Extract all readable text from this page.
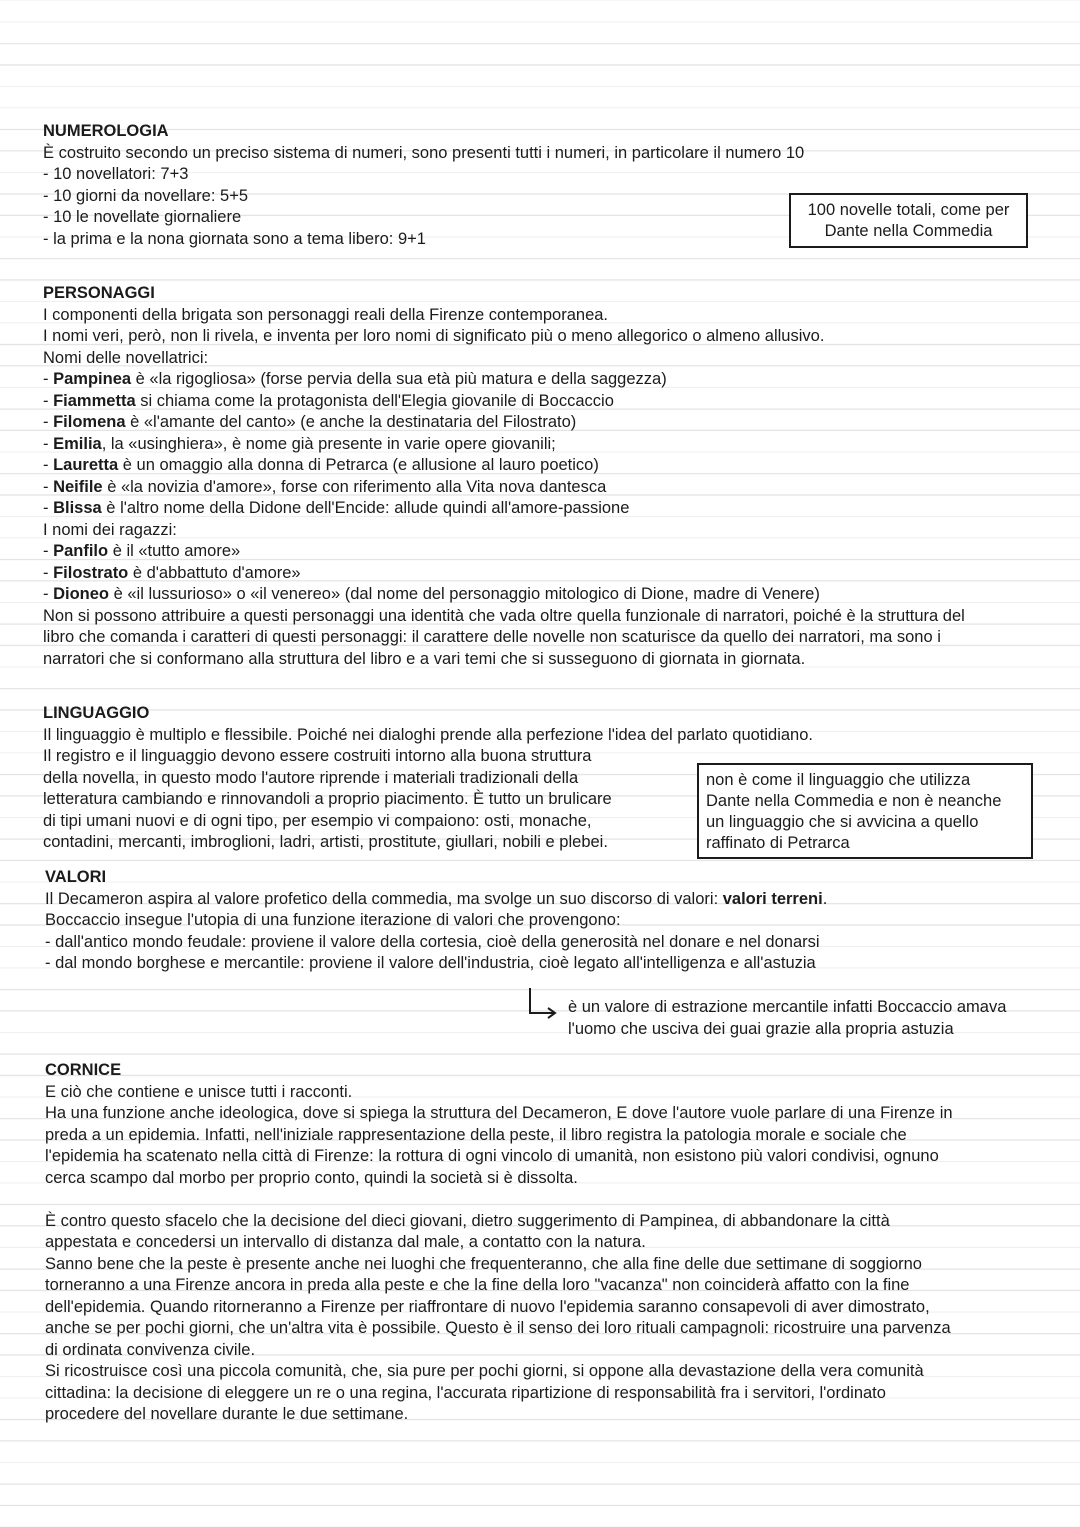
NUMEROLOGIA
È costruito secondo un preciso sistema di numeri, sono presenti tutti i numeri, in particolare il numero 10
- 10 novellatori: 7+3
- 10 giorni da novellare: 5+5
- 10 le novellate giornaliere
- la prima e la nona giornata sono a tema libero: 9+1
100 novelle totali, come per
Dante nella Commedia
PERSONAGGI
I componenti della brigata son personaggi reali della Firenze contemporanea.
I nomi veri, però, non li rivela, e inventa per loro nomi di significato più o meno allegorico o almeno allusivo.
Nomi delle novellatrici:
- Pampinea è «la rigogliosa» (forse pervia della sua età più matura e della saggezza)
- Fiammetta si chiama come la protagonista dell'Elegia giovanile di Boccaccio
- Filomena è «l'amante del canto» (e anche la destinataria del Filostrato)
- Emilia, la «usinghiera», è nome già presente in varie opere giovanili;
- Lauretta è un omaggio alla donna di Petrarca (e allusione al lauro poetico)
- Neifile è «la novizia d'amore», forse con riferimento alla Vita nova dantesca
- Blissa è l'altro nome della Didone dell'Encide: allude quindi all'amore-passione
I nomi dei ragazzi:
- Panfilo è il «tutto amore»
- Filostrato è d'abbattuto d'amore»
- Dioneo è «il lussurioso» o «il venereo» (dal nome del personaggio mitologico di Dione, madre di Venere)
Non si possono attribuire a questi personaggi una identità che vada oltre quella funzionale di narratori, poiché è la struttura del
libro che comanda i caratteri di questi personaggi: il carattere delle novelle non scaturisce da quello dei narratori, ma sono i
narratori che si conformano alla struttura del libro e a vari temi che si susseguono di giornata in giornata.
LINGUAGGIO
Il linguaggio è multiplo e flessibile. Poiché nei dialoghi prende alla perfezione l'idea del parlato quotidiano.
Il registro e il linguaggio devono essere costruiti intorno alla buona struttura
della novella, in questo modo l'autore riprende i materiali tradizionali della
letteratura cambiando e rinnovandoli a proprio piacimento. È tutto un brulicare
di tipi umani nuovi e di ogni tipo, per esempio vi compaiono: osti, monache,
contadini, mercanti, imbroglioni, ladri, artisti, prostitute, giullari, nobili e plebei.
non è come il linguaggio che utilizza
Dante nella Commedia e non è neanche
un linguaggio che si avvicina a quello
raffinato di Petrarca
VALORI
Il Decameron aspira al valore profetico della commedia, ma svolge un suo discorso di valori: valori terreni.
Boccaccio insegue l'utopia di una funzione iterazione di valori che provengono:
- dall'antico mondo feudale: proviene il valore della cortesia, cioè della generosità nel donare e nel donarsi
- dal mondo borghese e mercantile: proviene il valore dell'industria, cioè legato all'intelligenza e all'astuzia
è un valore di estrazione mercantile infatti Boccaccio amava
l'uomo che usciva dei guai grazie alla propria astuzia
CORNICE
E ciò che contiene e unisce tutti i racconti.
Ha una funzione anche ideologica, dove si spiega la struttura del Decameron, E dove l'autore vuole parlare di una Firenze in
preda a un epidemia. Infatti, nell'iniziale rappresentazione della peste, il libro registra la patologia morale e sociale che
l'epidemia ha scatenato nella città di Firenze: la rottura di ogni vincolo di umanità, non esistono più valori condivisi, ognuno
cerca scampo dal morbo per proprio conto, quindi la società si è dissolta.

È contro questo sfacelo che la decisione del dieci giovani, dietro suggerimento di Pampinea, di abbandonare la città
appestata e concedersi un intervallo di distanza dal male, a contatto con la natura.
Sanno bene che la peste è presente anche nei luoghi che frequenteranno, che alla fine delle due settimane di soggiorno
torneranno a una Firenze ancora in preda alla peste e che la fine della loro "vacanza" non coinciderà affatto con la fine
dell'epidemia. Quando ritorneranno a Firenze per riaffrontare di nuovo l'epidemia saranno consapevoli di aver dimostrato,
anche se per pochi giorni, che un'altra vita è possibile. Questo è il senso dei loro rituali campagnoli: ricostruire una parvenza
di ordinata convivenza civile.
Si ricostruisce così una piccola comunità, che, sia pure per pochi giorni, si oppone alla devastazione della vera comunità
cittadina: la decisione di eleggere un re o una regina, l'accurata ripartizione di responsabilità fra i servitori, l'ordinato
procedere del novellare durante le due settimane.
